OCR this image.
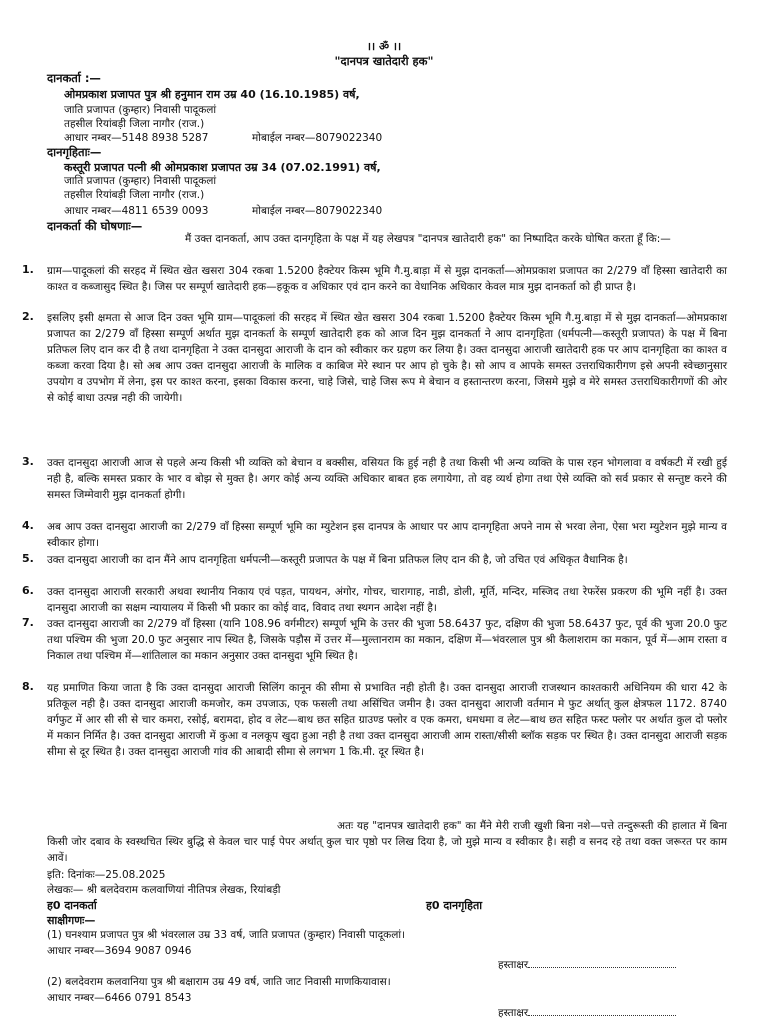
।। ॐ ।।
"दानपत्र खातेदारी हक"
दानकर्ता :—
ओमप्रकाश प्रजापत पुत्र श्री हनुमान राम उम्र 40 (16.10.1985) वर्ष,
जाति प्रजापत (कुम्हार) निवासी पादूकलां
तहसील रियांबड़ी जिला नागौर (राज.)
आधार नम्बर—5148 8938 5287	मोबाईल नम्बर—8079022340
दानगृहिताः—
कस्तूरी प्रजापत पत्नी श्री ओमप्रकाश प्रजापत उम्र 34 (07.02.1991) वर्ष,
जाति प्रजापत (कुम्हार) निवासी पादूकलां
तहसील रियांबड़ी जिला नागौर (राज.)
आधार नम्बर—4811 6539 0093	मोबाईल नम्बर—8079022340
दानकर्ता की घोषणाः—
मैं उक्त दानकर्ता, आप उक्त दानगृहिता के पक्ष में यह लेखपत्र "दानपत्र खातेदारी हक" का निष्पादित करके घोषित करता हूँ कि:—
1. ग्राम—पादूकलां की सरहद में स्थित खेत खसरा 304 रकबा 1.5200 हैक्टेयर किस्म भूमि गै.मु.बाड़ा में से मुझ दानकर्ता—ओमप्रकाश प्रजापत का 2/279 वाँ हिस्सा खातेदारी का काश्त व कब्जासुद स्थित है। जिस पर सम्पूर्ण खातेदारी हक—हकूक व अधिकार एवं दान करने का वेधानिक अधिकार केवल मात्र मुझ दानकर्ता को ही प्राप्त है।
2. इसलिए इसी क्षमता से आज दिन उक्त भूमि ग्राम—पादूकलां की सरहद में स्थित खेत खसरा 304 रकबा 1.5200 हैक्टेयर किस्म भूमि गै.मु.बाड़ा में से मुझ दानकर्ता—ओमप्रकाश प्रजापत का 2/279 वाँ हिस्सा सम्पूर्ण अर्थात मुझ दानकर्ता के सम्पूर्ण खातेदारी हक को आज दिन मुझ दानकर्ता ने आप दानगृहिता (धर्मपत्नी—कस्तूरी प्रजापत) के पक्ष में बिना प्रतिफल लिए दान कर दी है तथा दानगृहिता ने उक्त दानसुदा आराजी के दान को स्वीकार कर ग्रहण कर लिया है। उक्त दानसुदा आराजी खातेदारी हक पर आप दानगृहिता का काश्त व कब्जा करवा दिया है। सो अब आप उक्त दानसुदा आराजी के मालिक व काबिज मेरे स्थान पर आप हो चुके है। सो आप व आपके समस्त उत्तराधिकारीगण इसे अपनी स्वेच्छानुसार उपयोग व उपभोग में लेना, इस पर काश्त करना, इसका विकास करना, चाहे जिसे, चाहे जिस रूप मे बेचान व हस्तान्तरण करना, जिसमे मुझे व मेरे समस्त उत्तराधिकारीगणों की ओर से कोई बाधा उत्पन्न नही की जायेगी।
3. उक्त दानसुदा आराजी आज से पहले अन्य किसी भी व्यक्ति को बेचान व बक्सीस, वसियत कि हुई नही है तथा किसी भी अन्य व्यक्ति के पास रहन भोगलावा व वर्षकटी में रखी हुई नही है, बल्कि समस्त प्रकार के भार व बोझ से मुक्त है। अगर कोई अन्य व्यक्ति अधिकार बाबत हक लगायेगा, तो वह व्यर्थ होगा तथा ऐसे व्यक्ति को सर्व प्रकार से सन्तुष्ट करने की समस्त जिम्मेवारी मुझ दानकर्ता होगी।
4. अब आप उक्त दानसुदा आराजी का 2/279 वाँ हिस्सा सम्पूर्ण भूमि का म्युटेशन इस दानपत्र के आधार पर आप दानगृहिता अपने नाम से भरवा लेना, ऐसा भरा म्युटेशन मुझे मान्य व स्वीकार होगा।
5. उक्त दानसुदा आराजी का दान मैंने आप दानगृहिता धर्मपत्नी—कस्तूरी प्रजापत के पक्ष में बिना प्रतिफल लिए दान की है, जो उचित एवं अधिकृत वैधानिक है।
6. उक्त दानसुदा आराजी सरकारी अथवा स्थानीय निकाय एवं पड़त, पायथन, अंगोर, गोचर, चारागाह, नाडी, डोली, मूर्ति, मन्दिर, मस्जिद तथा रेफरेंस प्रकरण की भूमि नहीं है। उक्त दानसुदा आराजी का सक्षम न्यायालय में किसी भी प्रकार का कोई वाद, विवाद तथा स्थगन आदेश नहीं है।
7. उक्त दानसुदा आराजी का 2/279 वाँ हिस्सा (यानि 108.96 वर्गमीटर) सम्पूर्ण भूमि के उत्तर की भुजा 58.6437 फुट, दक्षिण की भुजा 58.6437 फुट, पूर्व की भुजा 20.0 फुट तथा पश्चिम की भुजा 20.0 फुट अनुसार नाप स्थित है, जिसके पड़ौस में उत्तर में—मुल्तानराम का मकान, दक्षिण में—भंवरलाल पुत्र श्री कैलाशराम का मकान, पूर्व में—आम रास्ता व निकाल तथा पश्चिम में—शांतिलाल का मकान अनुसार उक्त दानसुदा भूमि स्थित है।
8. यह प्रमाणित किया जाता है कि उक्त दानसुदा आराजी सिलिंग कानून की सीमा से प्रभावित नही होती है। उक्त दानसुदा आराजी राजस्थान काश्तकारी अधिनियम की धारा 42 के प्रतिकूल नही है। उक्त दानसुदा आराजी कमजोर, कम उपजाऊ, एक फसली तथा असिंचित जमीन है। उक्त दानसुदा आराजी वर्तमान मे फुट अर्थात् कुल क्षेत्रफल 1172. 8740 वर्गफुट में आर सी सी से चार कमरा, रसोई, बरामदा, होद व लेट—बाथ छत सहित ग्राउण्ड फ्लोर व एक कमरा, धमधमा व लेट—बाथ छत सहित फस्ट फ्लोर पर अर्थात कुल दो फ्लोर में मकान निर्मित है। उक्त दानसुदा आराजी में कुआ व नलकूप खुदा हुआ नही है तथा उक्त दानसुदा आराजी आम रास्ता/सीसी ब्लॉक सड़क पर स्थित है। उक्त दानसुदा आराजी सड़क सीमा से दूर स्थित है। उक्त दानसुदा आराजी गांव की आबादी सीमा से लगभग 1 कि.मी. दूर स्थित है।
अतः यह "दानपत्र खातेदारी हक" का मैंने मेरी राजी खुशी बिना नशे—पत्ते तन्दुरूस्ती की हालात में बिना किसी जोर दबाव के स्वस्थचित स्थिर बुद्धि से केवल चार पाई पेपर अर्थात् कुल चार पृष्ठो पर लिख दिया है, जो मुझे मान्य व स्वीकार है। सही व सनद रहे तथा वक्त जरूरत पर काम आवें।
इति: दिनांकः—25.08.2025
लेखकः— श्री बलदेवराम कलवाणियां नीतिपत्र लेखक, रियांबड़ी
ह0 दानकर्ता	ह0 दानगृहिता
साक्षीगणः—
(1) घनश्याम प्रजापत पुत्र श्री भंवरलाल उम्र 33 वर्ष, जाति प्रजापत (कुम्हार) निवासी पादूकलां।
आधार नम्बर—3694 9087 0946
हस्ताक्षर
(2) बलदेवराम कलवानिया पुत्र श्री बक्षाराम उम्र 49 वर्ष, जाति जाट निवासी माणकियावास।
आधार नम्बर—6466 0791 8543
हस्ताक्षर
